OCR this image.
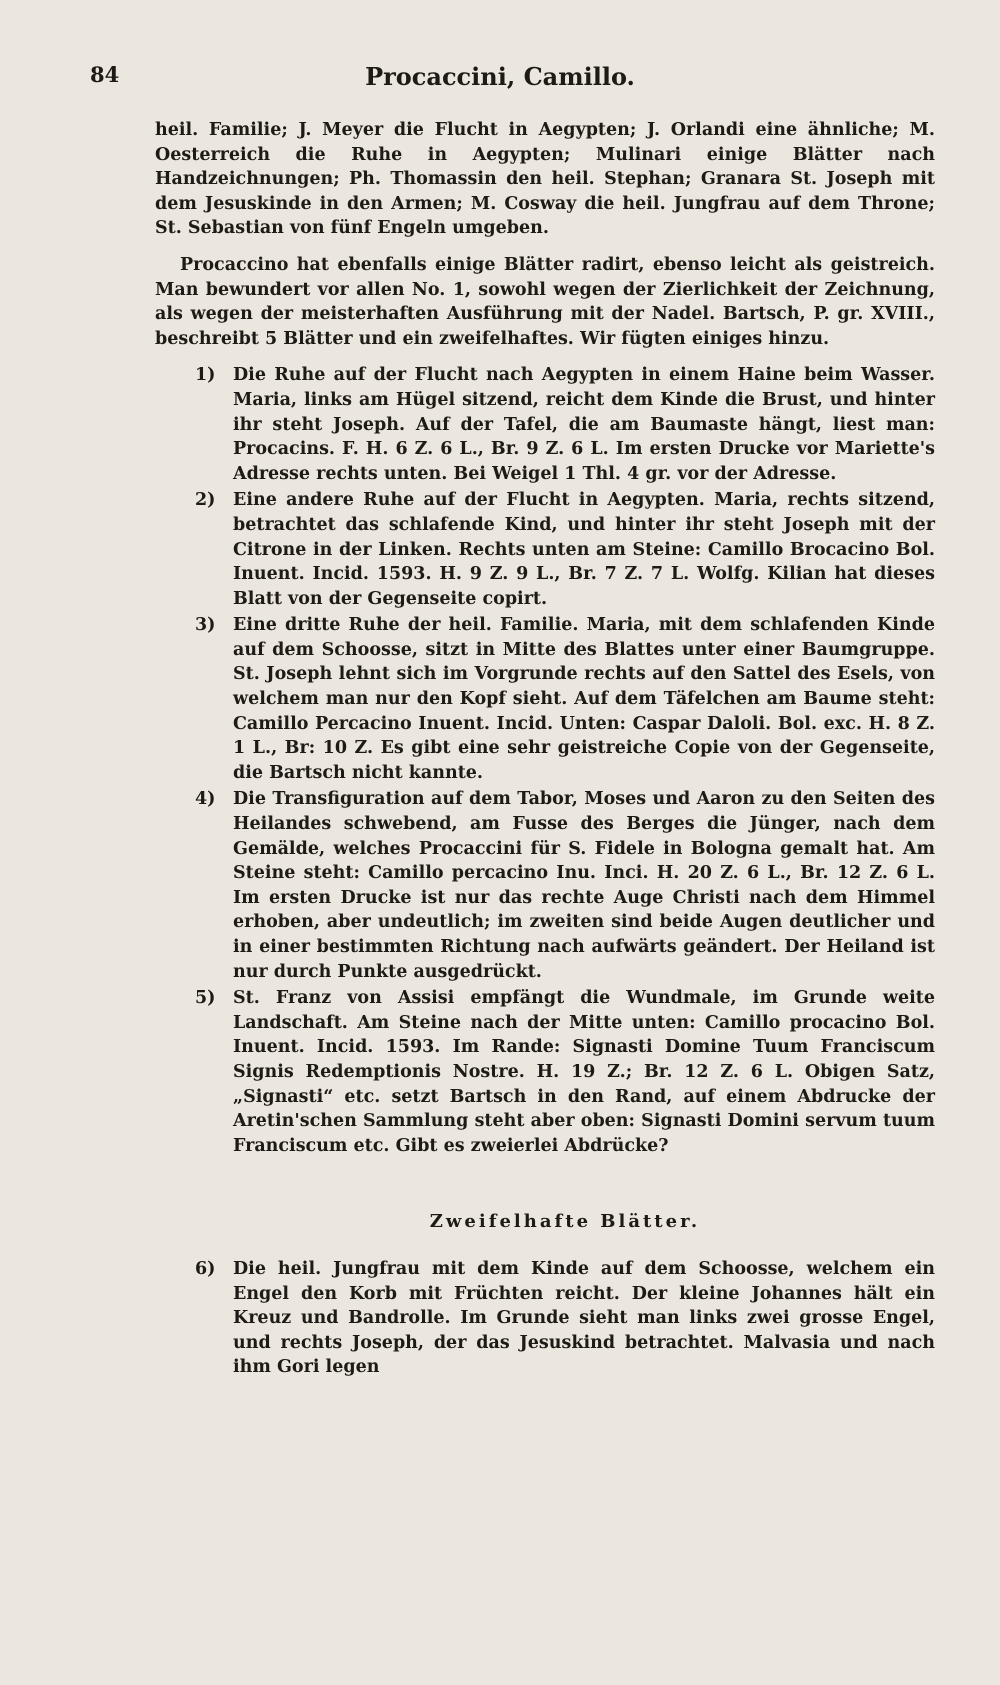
84	Procaccini, Camillo.

heil. Familie; J. Meyer die Flucht in Aegypten; J. Orlandi eine ähnliche; M. Oesterreich die Ruhe in Aegypten; Mulinari einige Blätter nach Handzeichnungen; Ph. Thomassin den heil. Stephan; Granara St. Joseph mit dem Jesuskinde in den Armen; M. Cosway die heil. Jungfrau auf dem Throne; St. Sebastian von fünf Engeln umgeben.

Procaccino hat ebenfalls einige Blätter radirt, ebenso leicht als geistreich. Man bewundert vor allen No. 1, sowohl wegen der Zierlichkeit der Zeichnung, als wegen der meisterhaften Ausführung mit der Nadel. Bartsch, P. gr. XVIII., beschreibt 5 Blätter und ein zweifelhaftes. Wir fügten einiges hinzu.

1) Die Ruhe auf der Flucht nach Aegypten in einem Haine beim Wasser. Maria, links am Hügel sitzend, reicht dem Kinde die Brust, und hinter ihr steht Joseph. Auf der Tafel, die am Baumaste hängt, liest man: Procacins. F. H. 6 Z. 6 L., Br. 9 Z. 6 L. Im ersten Drucke vor Mariette's Adresse rechts unten. Bei Weigel 1 Thl. 4 gr. vor der Adresse.
2) Eine andere Ruhe auf der Flucht in Aegypten. Maria, rechts sitzend, betrachtet das schlafende Kind, und hinter ihr steht Joseph mit der Citrone in der Linken. Rechts unten am Steine: Camillo Brocacino Bol. Inuent. Incid. 1593. H. 9 Z. 9 L., Br. 7 Z. 7 L. Wolfg. Kilian hat dieses Blatt von der Gegenseite copirt.
3) Eine dritte Ruhe der heil. Familie. Maria, mit dem schlafenden Kinde auf dem Schoosse, sitzt in Mitte des Blattes unter einer Baumgruppe. St. Joseph lehnt sich im Vorgrunde rechts auf den Sattel des Esels, von welchem man nur den Kopf sieht. Auf dem Täfelchen am Baume steht: Camillo Percacino Inuent. Incid. Unten: Caspar Daloli. Bol. exc. H. 8 Z. 1 L., Br: 10 Z. Es gibt eine sehr geistreiche Copie von der Gegenseite, die Bartsch nicht kannte.
4) Die Transfiguration auf dem Tabor, Moses und Aaron zu den Seiten des Heilandes schwebend, am Fusse des Berges die Jünger, nach dem Gemälde, welches Procaccini für S. Fidele in Bologna gemalt hat. Am Steine steht: Camillo percacino Inu. Inci. H. 20 Z. 6 L., Br. 12 Z. 6 L. Im ersten Drucke ist nur das rechte Auge Christi nach dem Himmel erhoben, aber undeutlich; im zweiten sind beide Augen deutlicher und in einer bestimmten Richtung nach aufwärts geändert. Der Heiland ist nur durch Punkte ausgedrückt.
5) St. Franz von Assisi empfängt die Wundmale, im Grunde weite Landschaft. Am Steine nach der Mitte unten: Camillo procacino Bol. Inuent. Incid. 1593. Im Rande: Signasti Domine Tuum Franciscum Signis Redemptionis Nostre. H. 19 Z.; Br. 12 Z. 6 L. Obigen Satz, „Signasti“ etc. setzt Bartsch in den Rand, auf einem Abdrucke der Aretin'schen Sammlung steht aber oben: Signasti Domini servum tuum Franciscum etc. Gibt es zweierlei Abdrücke?
Zweifelhafte Blätter.
6) Die heil. Jungfrau mit dem Kinde auf dem Schoosse, welchem ein Engel den Korb mit Früchten reicht. Der kleine Johannes hält ein Kreuz und Bandrolle. Im Grunde sieht man links zwei grosse Engel, und rechts Joseph, der das Jesuskind betrachtet. Malvasia und nach ihm Gori legen
